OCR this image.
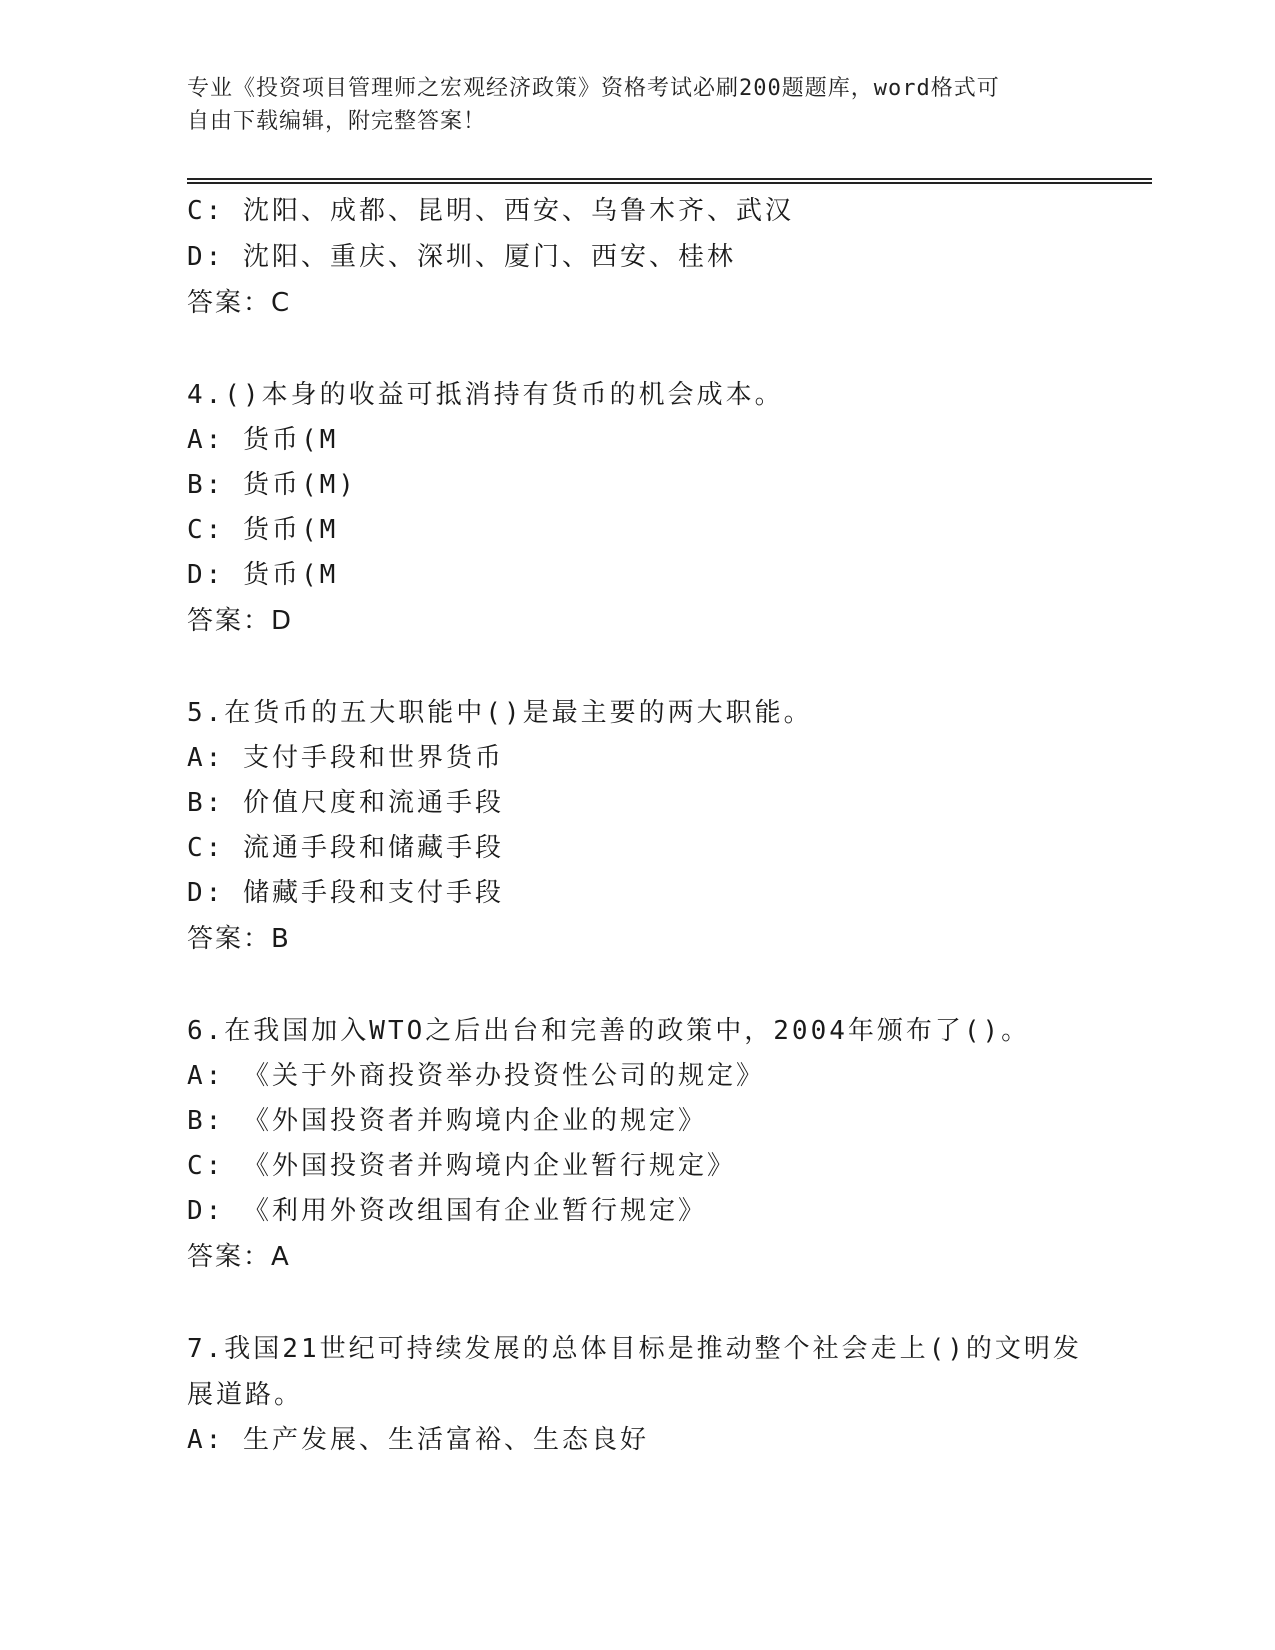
专业《投资项目管理师之宏观经济政策》资格考试必刷200题题库，word格式可
自由下载编辑，附完整答案！
C: 沈阳、成都、昆明、西安、乌鲁木齐、武汉
D: 沈阳、重庆、深圳、厦门、西安、桂林
答案：C
4.()本身的收益可抵消持有货币的机会成本。
A: 货币(M
B: 货币(M)
C: 货币(M
D: 货币(M
答案：D
5.在货币的五大职能中()是最主要的两大职能。
A: 支付手段和世界货币
B: 价值尺度和流通手段
C: 流通手段和储藏手段
D: 储藏手段和支付手段
答案：B
6.在我国加入WTO之后出台和完善的政策中，2004年颁布了()。
A: 《关于外商投资举办投资性公司的规定》
B: 《外国投资者并购境内企业的规定》
C: 《外国投资者并购境内企业暂行规定》
D: 《利用外资改组国有企业暂行规定》
答案：A
7.我国21世纪可持续发展的总体目标是推动整个社会走上()的文明发
展道路。
A: 生产发展、生活富裕、生态良好
